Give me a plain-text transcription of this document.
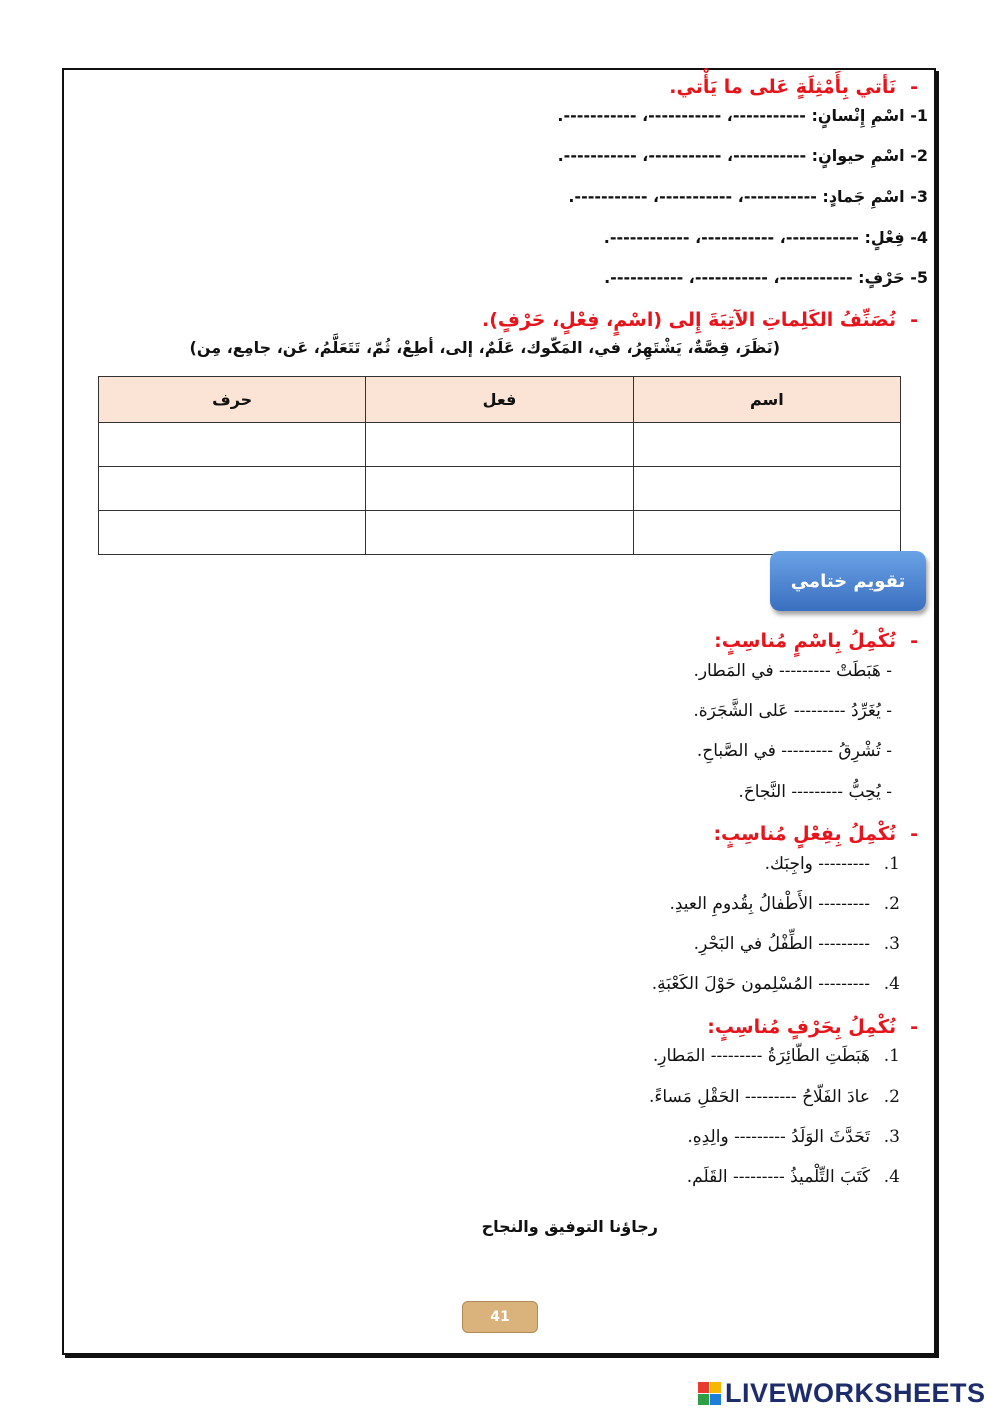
-نَأتي بِأَمْثِلَةٍ عَلى ما يَأْتي.
1- اسْمِ إِنْسانٍ: -----------، -----------، -----------.
2- اسْمِ حيوانٍ: -----------، -----------، -----------.
3- اسْمِ جَمادٍ: -----------، -----------، -----------.
4- فِعْلٍ: -----------، -----------، ------------.
5- حَرْفٍ: -----------، -----------، -----------.
-نُصَنِّفُ الكَلِماتِ الآتِيَةَ إِلى (اسْمٍ، فِعْلٍ، حَرْفٍ).
(نَظَرَ، قِصَّةٌ، يَشْتَهِرُ، في، المَكّوك، عَلَمٌ، إلى، أطِعْ، ثُمّ، تَتَعَلَّمُ، عَن، جامِع، مِن)
اسم	فعل	حرف

تقويم ختامي
-نُكْمِلُ بِاسْمٍ مُناسِبٍ:
- هَبَطَتْ --------- في المَطار.
- يُغَرِّدُ --------- عَلى الشَّجَرَة.
- تُشْرِقُ --------- في الصَّباحِ.
- يُحِبُّ --------- النَّجاحَ.
-نُكْمِلُ بِفِعْلٍ مُناسِبٍ:
1.--------- واجِبَك.
2.--------- الأَطْفالُ بِقُدومِ العيدِ.
3.--------- الطِّفْلُ في البَحْرِ.
4.--------- المُسْلِمون حَوْلَ الكَعْبَةِ.
-نُكْمِلُ بِحَرْفٍ مُناسِبٍ:
1.هَبَطَتِ الطّائِرَةُ --------- المَطارِ.
2.عادَ الفَلّاحُ --------- الحَقْلِ مَساءً.
3.تَحَدَّثَ الوَلَدُ --------- والِدِهِ.
4.كَتَبَ التِّلْميذُ --------- القَلَم.
رجاؤنا التوفيق والنجاح
41
LIVEWORKSHEETS
